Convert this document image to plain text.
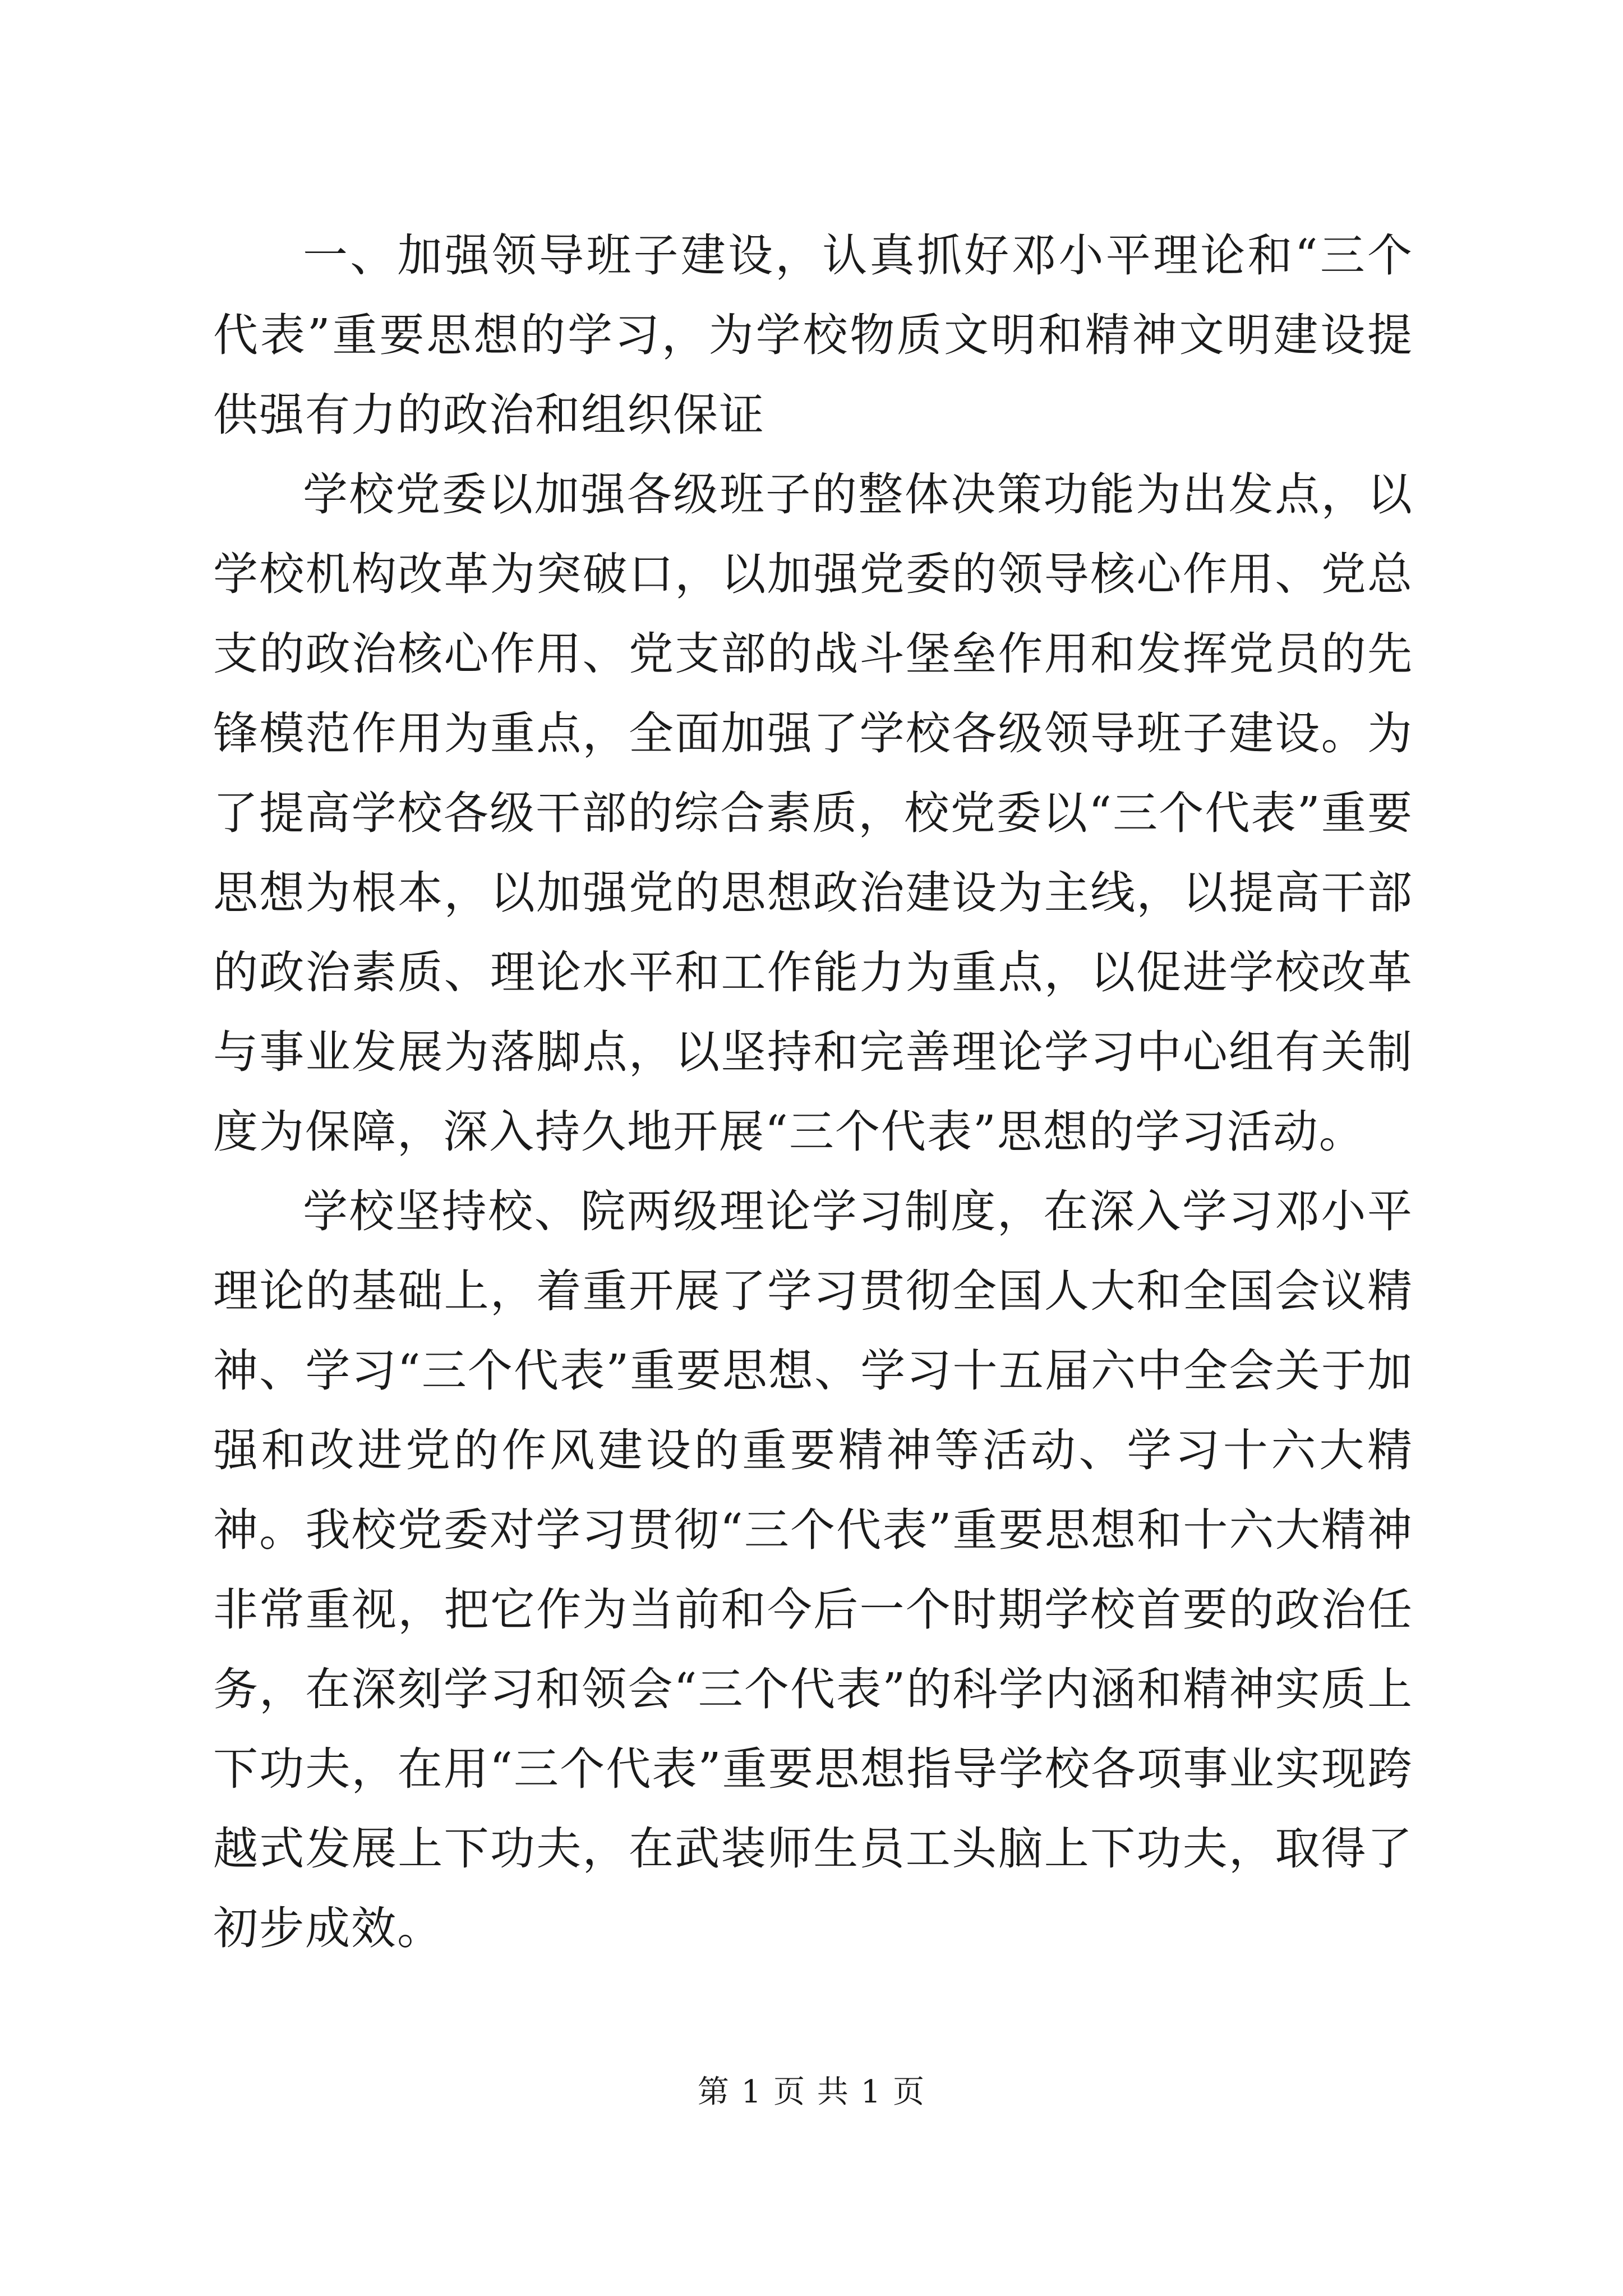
一、加强领导班子建设，认真抓好邓小平理论和“三个代表”重要思想的学习，为学校物质文明和精神文明建设提供强有力的政治和组织保证

学校党委以加强各级班子的整体决策功能为出发点，以学校机构改革为突破口，以加强党委的领导核心作用、党总支的政治核心作用、党支部的战斗堡垒作用和发挥党员的先锋模范作用为重点，全面加强了学校各级领导班子建设。为了提高学校各级干部的综合素质，校党委以“三个代表”重要思想为根本，以加强党的思想政治建设为主线，以提高干部的政治素质、理论水平和工作能力为重点，以促进学校改革与事业发展为落脚点，以坚持和完善理论学习中心组有关制度为保障，深入持久地开展“三个代表”思想的学习活动。

学校坚持校、院两级理论学习制度，在深入学习邓小平理论的基础上，着重开展了学习贯彻全国人大和全国会议精神、学习“三个代表”重要思想、学习十五届六中全会关于加强和改进党的作风建设的重要精神等活动、学习十六大精神。我校党委对学习贯彻“三个代表”重要思想和十六大精神非常重视，把它作为当前和今后一个时期学校首要的政治任务，在深刻学习和领会“三个代表”的科学内涵和精神实质上下功夫，在用“三个代表”重要思想指导学校各项事业实现跨越式发展上下功夫，在武装师生员工头脑上下功夫，取得了初步成效。

第 1 页 共 1 页
